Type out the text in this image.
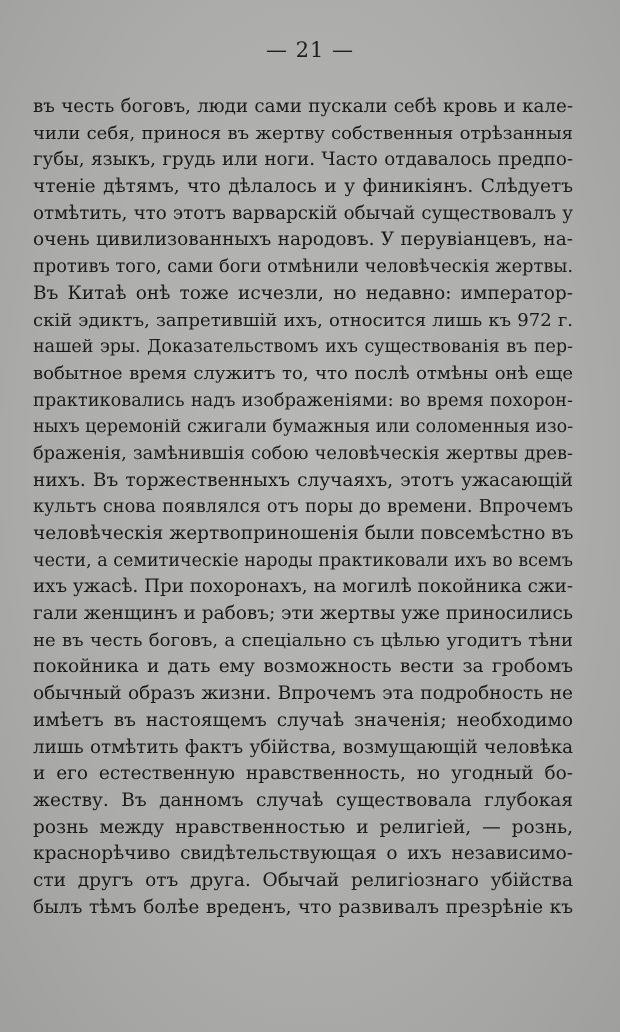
— 21 —
въ честь боговъ, люди сами пускали себѣ кровь и кале-
чили себя, принося въ жертву собственныя отрѣзанныя
губы, языкъ, грудь или ноги. Часто отдавалось предпо-
чтеніе дѣтямъ, что дѣлалось и у финикіянъ. Слѣдуетъ
отмѣтить, что этотъ варварскій обычай существовалъ у
очень цивилизованныхъ народовъ. У перувіанцевъ, на-
противъ того, сами боги отмѣнили человѣческія жертвы.
Въ Китаѣ онѣ тоже исчезли, но недавно: император-
скій эдиктъ, запретившій ихъ, относится лишь къ 972 г.
нашей эры. Доказательствомъ ихъ существованія въ пер-
вобытное время служитъ то, что послѣ отмѣны онѣ еще
практиковались надъ изображеніями: во время похорон-
ныхъ церемоній сжигали бумажныя или соломенныя изо-
браженія, замѣнившія собою человѣческія жертвы древ-
нихъ. Въ торжественныхъ случаяхъ, этотъ ужасающій
культъ снова появлялся отъ поры до времени. Впрочемъ
человѣческія жертвоприношенія были повсемѣстно въ
чести, а семитическіе народы практиковали ихъ во всемъ
ихъ ужасѣ. При похоронахъ, на могилѣ покойника сжи-
гали женщинъ и рабовъ; эти жертвы уже приносились
не въ честь боговъ, а спеціально съ цѣлью угодитъ тѣни
покойника и дать ему возможность вести за гробомъ
обычный образъ жизни. Впрочемъ эта подробность не
имѣетъ въ настоящемъ случаѣ значенія; необходимо
лишь отмѣтить фактъ убійства, возмущающій человѣка
и его естественную нравственность, но угодный бо-
жеству. Въ данномъ случаѣ существовала глубокая
рознь между нравственностью и религіей, — рознь,
краснорѣчиво свидѣтельствующая о ихъ независимо-
сти другъ отъ друга. Обычай религіознаго убійства
былъ тѣмъ болѣе вреденъ, что развивалъ презрѣніе къ
